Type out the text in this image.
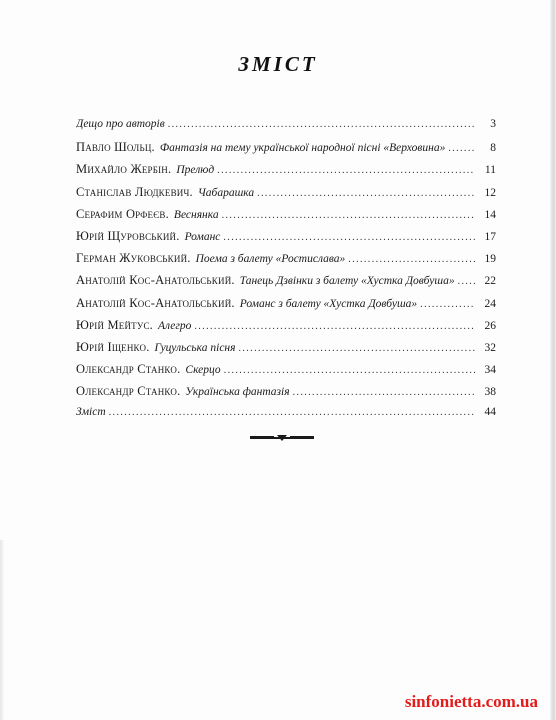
ЗМІСТ
Дещо про авторів .....	3
Павло Шольц. Фантазія на тему української народної пісні «Верховина» .....	8
Михайло Жербін. Прелюд .....	11
Станіслав Людкевич. Чабарашка .....	12
Серафим Орфеєв. Веснянка .....	14
Юрій Щуровський. Романс .....	17
Герман Жуковський. Поема з балету «Ростислава» .....	19
Анатолій Кос-Анатольський. Танець Дзвінки з балету «Хустка Довбуша» .....	22
Анатолій Кос-Анатольський. Романс з балету «Хустка Довбуша» .....	24
Юрій Мейтус. Алегро .....	26
Юрій Іщенко. Гуцульська пісня .....	32
Олександр Станко. Скерцо .....	34
Олександр Станко. Українська фантазія .....	38
Зміст .....	44
sinfonietta.com.ua
